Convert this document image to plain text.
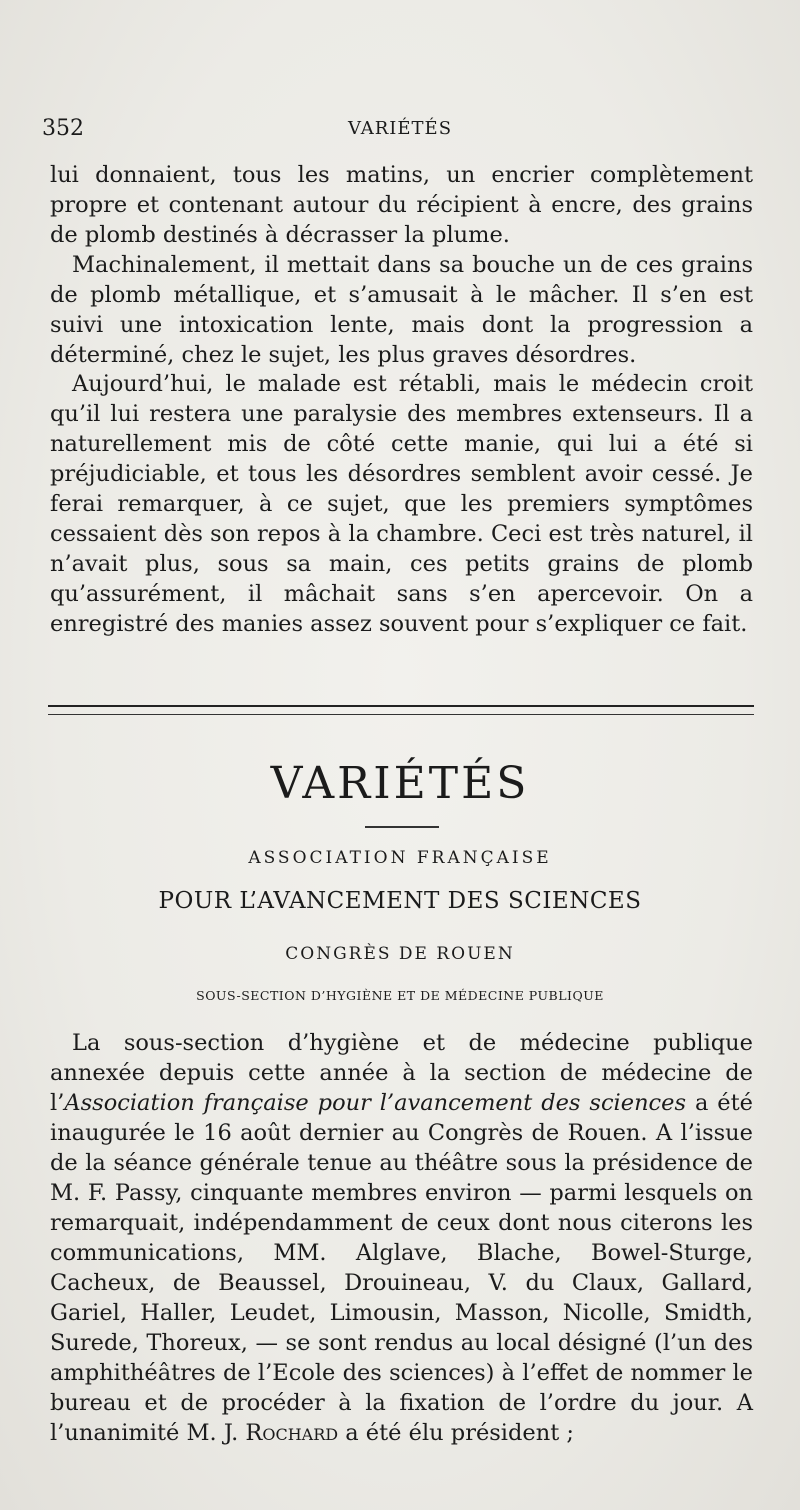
352	VARIÉTÉS

lui donnaient, tous les matins, un encrier complètement propre et contenant autour du récipient à encre, des grains de plomb destinés à décrasser la plume.

Machinalement, il mettait dans sa bouche un de ces grains de plomb métallique, et s’amusait à le mâcher. Il s’en est suivi une intoxication lente, mais dont la progression a déterminé, chez le sujet, les plus graves désordres.

Aujourd’hui, le malade est rétabli, mais le médecin croit qu’il lui restera une paralysie des membres extenseurs. Il a naturellement mis de côté cette manie, qui lui a été si préjudiciable, et tous les désordres semblent avoir cessé. Je ferai remarquer, à ce sujet, que les premiers symptômes cessaient dès son repos à la chambre. Ceci est très naturel, il n’avait plus, sous sa main, ces petits grains de plomb qu’assurément, il mâchait sans s’en apercevoir. On a enregistré des manies assez souvent pour s’expliquer ce fait.

VARIÉTÉS

ASSOCIATION FRANÇAISE

POUR L’AVANCEMENT DES SCIENCES

CONGRÈS DE ROUEN

SOUS-SECTION D’HYGIÈNE ET DE MÉDECINE PUBLIQUE

La sous-section d’hygiène et de médecine publique annexée depuis cette année à la section de médecine de l’Association française pour l’avancement des sciences a été inaugurée le 16 août dernier au Congrès de Rouen. A l’issue de la séance générale tenue au théâtre sous la présidence de M. F. Passy, cinquante membres environ — parmi lesquels on remarquait, indépendamment de ceux dont nous citerons les communications, MM. Alglave, Blache, Bowel-Sturge, Cacheux, de Beaussel, Drouineau, V. du Claux, Gallard, Gariel, Haller, Leudet, Limousin, Masson, Nicolle, Smidth, Surede, Thoreux, — se sont rendus au local désigné (l’un des amphithéâtres de l’Ecole des sciences) à l’effet de nommer le bureau et de procéder à la fixation de l’ordre du jour. A l’unanimité M. J. Rochard a été élu président ;
